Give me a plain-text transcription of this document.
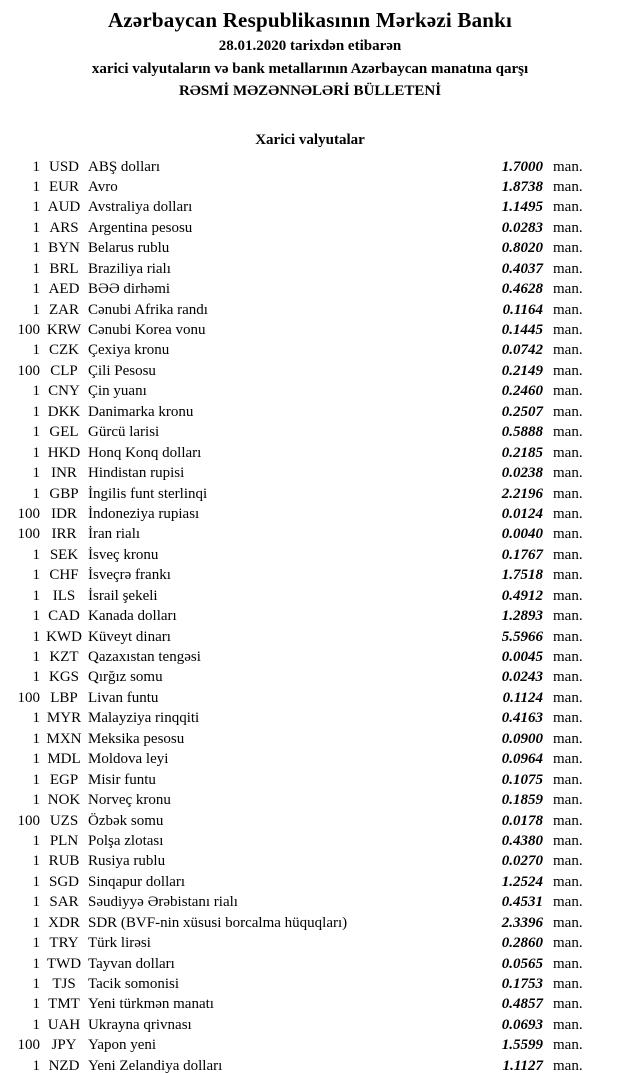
Azərbaycan Respublikasının Mərkəzi Bankı
28.01.2020 tarixdən etibarən
xarici valyutaların və bank metallarının Azərbaycan manatına qarşı
RƏSMİ MƏZƏNNƏLƏRİ BÜLLETENİ
Xarici valyutalar
1 USD ABŞ dolları	1.7000 man.
1 EUR Avro	1.8738 man.
1 AUD Avstraliya dolları	1.1495 man.
1 ARS Argentina pesosu	0.0283 man.
1 BYN Belarus rublu	0.8020 man.
1 BRL Braziliya rialı	0.4037 man.
1 AED BƏƏ dirhəmi	0.4628 man.
1 ZAR Cənubi Afrika randı	0.1164 man.
100 KRW Cənubi Korea vonu	0.1445 man.
1 CZK Çexiya kronu	0.0742 man.
100 CLP Çili Pesosu	0.2149 man.
1 CNY Çin yuanı	0.2460 man.
1 DKK Danimarka kronu	0.2507 man.
1 GEL Gürcü larisi	0.5888 man.
1 HKD Honq Konq dolları	0.2185 man.
1 INR Hindistan rupisi	0.0238 man.
1 GBP İngilis funt sterlinqi	2.2196 man.
100 IDR İndoneziya rupiası	0.0124 man.
100 IRR İran rialı	0.0040 man.
1 SEK İsveç kronu	0.1767 man.
1 CHF İsveçrə frankı	1.7518 man.
1 ILS İsrail şekeli	0.4912 man.
1 CAD Kanada dolları	1.2893 man.
1 KWD Küveyt dinarı	5.5966 man.
1 KZT Qazaxıstan tengəsi	0.0045 man.
1 KGS Qırğız somu	0.0243 man.
100 LBP Livan funtu	0.1124 man.
1 MYR Malayziya rinqqiti	0.4163 man.
1 MXN Meksika pesosu	0.0900 man.
1 MDL Moldova leyi	0.0964 man.
1 EGP Misir funtu	0.1075 man.
1 NOK Norveç kronu	0.1859 man.
100 UZS Özbək somu	0.0178 man.
1 PLN Polşa zlotası	0.4380 man.
1 RUB Rusiya rublu	0.0270 man.
1 SGD Sinqapur dolları	1.2524 man.
1 SAR Səudiyyə Ərəbistanı rialı	0.4531 man.
1 XDR SDR (BVF-nin xüsusi borcalma hüquqları)	2.3396 man.
1 TRY Türk lirəsi	0.2860 man.
1 TWD Tayvan dolları	0.0565 man.
1 TJS Tacik somonisi	0.1753 man.
1 TMT Yeni türkmən manatı	0.4857 man.
1 UAH Ukrayna qrivnası	0.0693 man.
100 JPY Yapon yeni	1.5599 man.
1 NZD Yeni Zelandiya dolları	1.1127 man.
